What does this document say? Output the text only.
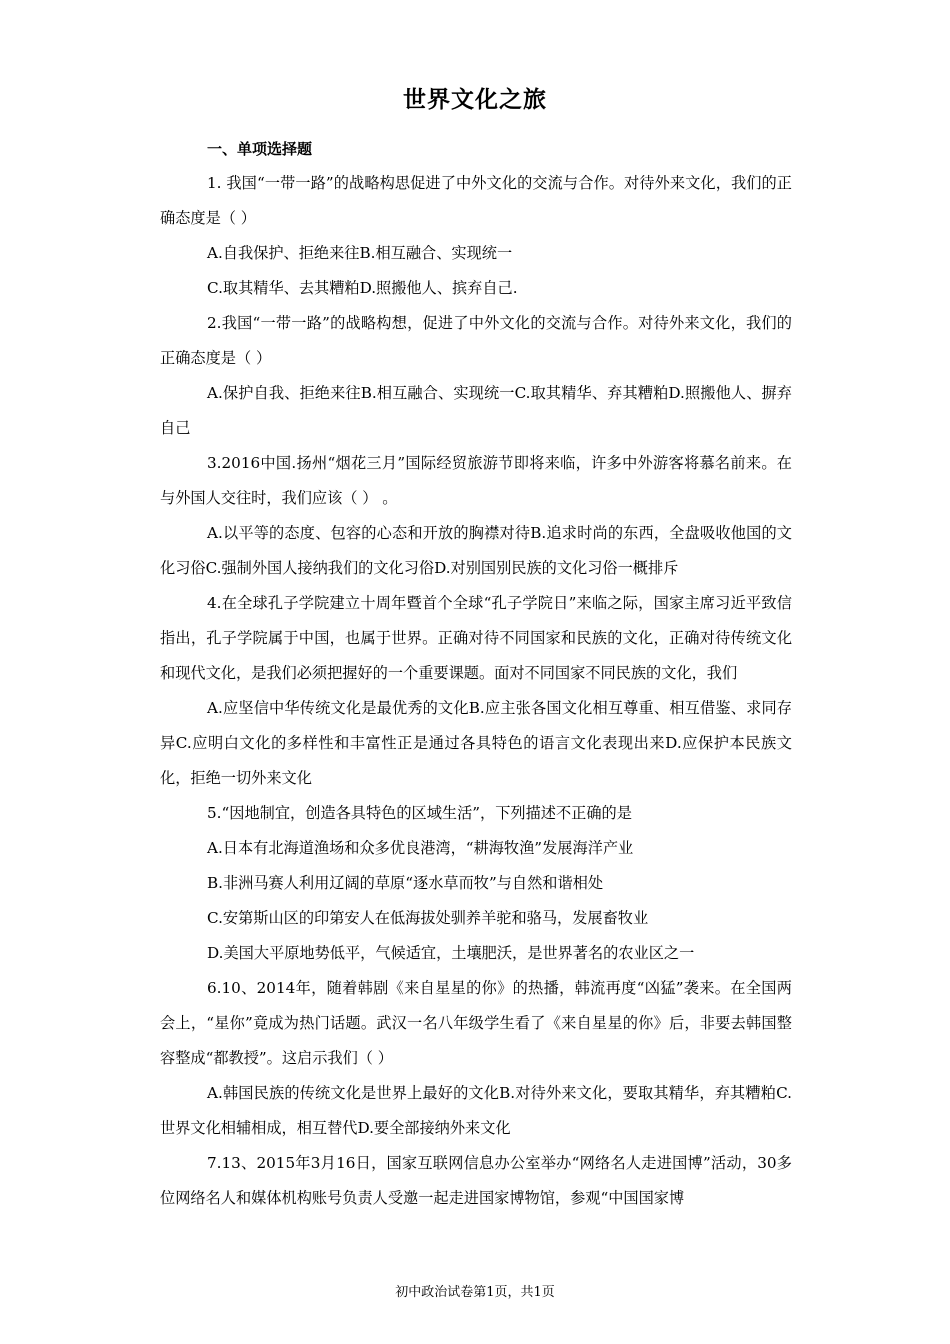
世界文化之旅
一、单项选择题

1. 我国“一带一路”的战略构思促进了中外文化的交流与合作。对待外来文化，我们的正确态度是（ ）

A.自我保护、拒绝来往B.相互融合、实现统一

C.取其精华、去其糟粕D.照搬他人、摈弃自己.

2.我国“一带一路”的战略构想，促进了中外文化的交流与合作。对待外来文化，我们的正确态度是（ ）

A.保护自我、拒绝来往B.相互融合、实现统一C.取其精华、弃其糟粕D.照搬他人、摒弃自己

3.2016中国.扬州“烟花三月”国际经贸旅游节即将来临，许多中外游客将慕名前来。在与外国人交往时，我们应该（ ） 。

A.以平等的态度、包容的心态和开放的胸襟对待B.追求时尚的东西，全盘吸收他国的文化习俗C.强制外国人接纳我们的文化习俗D.对别国别民族的文化习俗一概排斥

4.在全球孔子学院建立十周年暨首个全球“孔子学院日”来临之际，国家主席习近平致信指出，孔子学院属于中国，也属于世界。正确对待不同国家和民族的文化，正确对待传统文化和现代文化，是我们必须把握好的一个重要课题。面对不同国家不同民族的文化，我们

A.应坚信中华传统文化是最优秀的文化B.应主张各国文化相互尊重、相互借鉴、求同存异C.应明白文化的多样性和丰富性正是通过各具特色的语言文化表现出来D.应保护本民族文化，拒绝一切外来文化

5.“因地制宜，创造各具特色的区域生活”，下列描述不正确的是

A.日本有北海道渔场和众多优良港湾，“耕海牧渔”发展海洋产业

B.非洲马赛人利用辽阔的草原“逐水草而牧”与自然和谐相处

C.安第斯山区的印第安人在低海拔处驯养羊驼和骆马，发展畜牧业

D.美国大平原地势低平，气候适宜，土壤肥沃，是世界著名的农业区之一

6.10、2014年，随着韩剧《来自星星的你》的热播，韩流再度“凶猛”袭来。在全国两会上，“星你”竟成为热门话题。武汉一名八年级学生看了《来自星星的你》后，非要去韩国整容整成“都教授”。这启示我们（ ）

A.韩国民族的传统文化是世界上最好的文化B.对待外来文化，要取其精华，弃其糟粕C. 世界文化相辅相成，相互替代D.要全部接纳外来文化

7.13、2015年3月16日，国家互联网信息办公室举办“网络名人走进国博”活动，30多位网络名人和媒体机构账号负责人受邀一起走进国家博物馆，参观“中国国家博

初中政治试卷第1页，共1页
